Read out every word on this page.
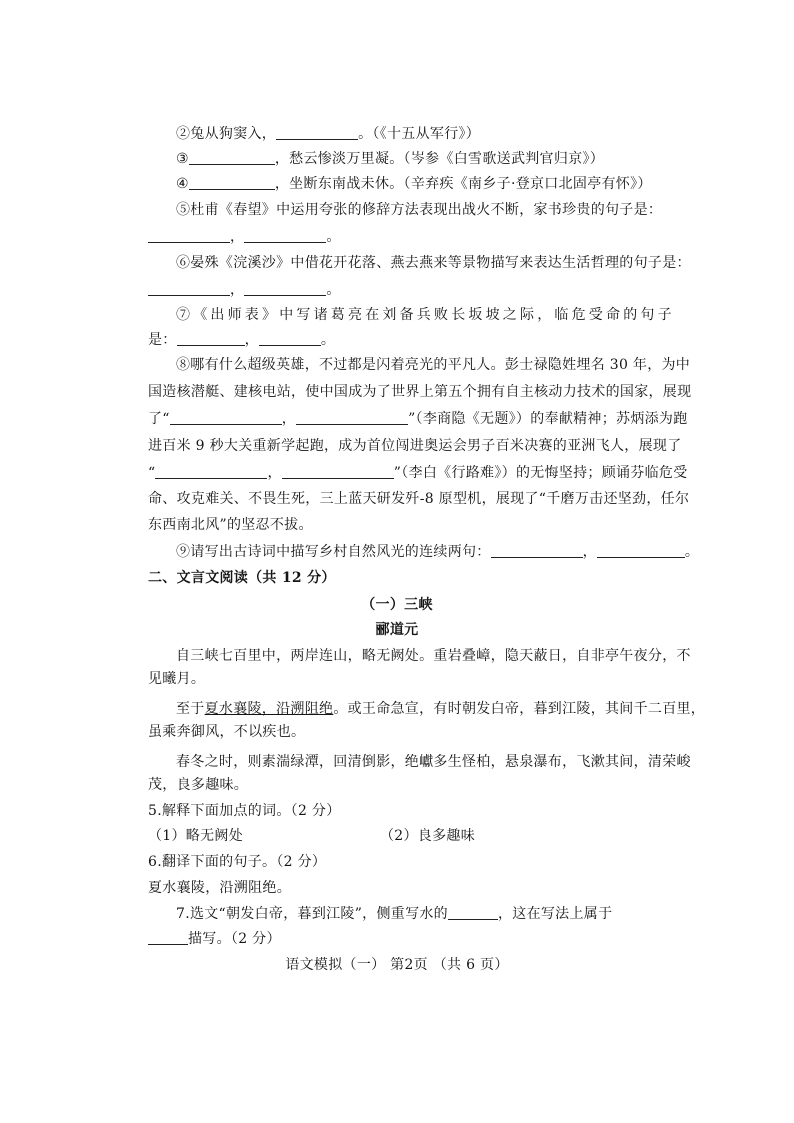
②兔从狗窦入，	。（《十五从军行》）
③	，愁云惨淡万里凝。（岑参《白雪歌送武判官归京》）
④	，坐断东南战未休。（辛弃疾《南乡子·登京口北固亭有怀》）
⑤杜甫《春望》中运用夸张的修辞方法表现出战火不断，家书珍贵的句子是：
，	。
⑥晏殊《浣溪沙》中借花开花落、燕去燕来等景物描写来表达生活哲理的句子是：
，	。
⑦《出师表》中写诸葛亮在刘备兵败长坂坡之际，临危受命的句子
是：	，	。
⑧哪有什么超级英雄，不过都是闪着亮光的平凡人。彭士禄隐姓埋名 30 年，为中
国造核潜艇、建核电站，使中国成为了世界上第五个拥有自主核动力技术的国家，展现
了“	，	”（李商隐《无题》）的奉献精神；苏炳添为跑
进百米 9 秒大关重新学起跑，成为首位闯进奥运会男子百米决赛的亚洲飞人，展现了
“	，	”（李白《行路难》）的无悔坚持；顾诵芬临危受
命、攻克难关、不畏生死，三上蓝天研发歼-8 原型机，展现了“千磨万击还坚劲，任尔
东西南北风”的坚忍不拔。
⑨请写出古诗词中描写乡村自然风光的连续两句：	，	。
二、文言文阅读（共 12 分）
（一）三峡
郦道元
自三峡七百里中，两岸连山，略无阙处。重岩叠嶂，隐天蔽日，自非亭午夜分，不
见曦月。
至于夏水襄陵，沿溯阻绝。或王命急宣，有时朝发白帝，暮到江陵，其间千二百里，
虽乘奔御风，不以疾也。
春冬之时，则素湍绿潭，回清倒影，绝巘多生怪柏，悬泉瀑布，飞漱其间，清荣峻
茂，良多趣味。
5.解释下面加点的词。（2 分）
（1）略无阙处	（2）良多趣味
6.翻译下面的句子。（2 分）
夏水襄陵，沿溯阻绝。
7.选文“朝发白帝，暮到江陵”，侧重写水的	，这在写法上属于
描写。（2 分）
语文模拟（一） 第2页 （共 6 页）
